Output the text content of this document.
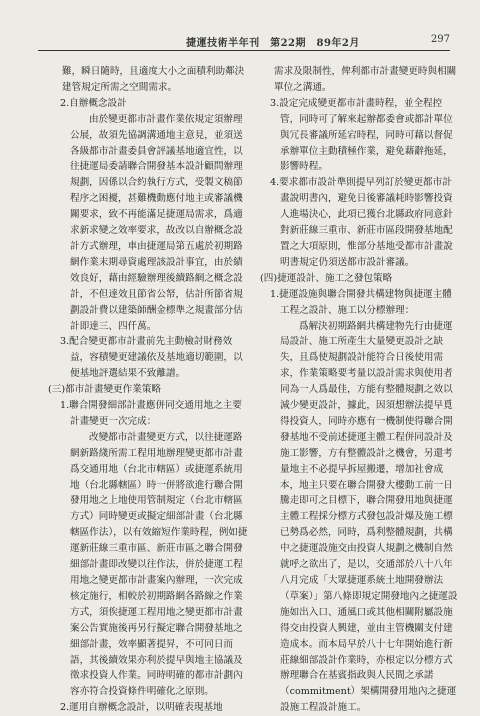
捷運技術半年刊　第22期　89年2月	297

難，瞬日隨時，且適度大小之面積利助鄰決建管規定所需之空間需求。

2.自辦概念設計

由於變更都市計畫作業依規定須辦理公展，故須先協調溝通地主意見，並須送各級都市計畫委員會評議基地適宜性，以往捷運局委請聯合開發基本設計顧問辦理規劃，因係以合約執行方式，受製文稿節程序之困擾，甚難機動應付地主或審議機關要求，致不再能滿足捷運局需求，爲適求新求變之效率要求，故改以自辦概念設計方式辦理，車由捷運局第五處於初期路網作業末期尋資處理該設計事宜，由於績效良好，藉由經驗辦理後續路網之概念設計，不但達效且節省公帑，估計所節省規劃設計費以建築師酬金標準之規畫部分估計即達三、四仟萬。

3.配合變更都市計畫前先主動檢討財務效益，容積變更建議依及基地適切範圍，以便基地評選結果不致離譜。

(三)都市計畫變更作業策略

1.聯合開發細部計畫應併同交通用地之主要計畫變更一次完成：

改變都市計畫變更方式，以往捷運路網新路綫所需工程用地辦理變更都市計畫爲交通用地（台北市轄區）或捷運系統用地（台北縣轄區）時一併將欲進行聯合開發用地之上地使用管制規定（台北市轄區方式）同時變更或擬定細部計畫（台北縣轄區作法），以有效縮短作業時程，例如捷運新莊線三重市區、新莊市區之聯合開發細部計畫即改變以往作法，併於捷運工程用地之變更都市計畫案內辦理，一次完成核定施行，相較於初期路網各路線之作業方式，須俟捷運工程用地之變更都市計畫案公告實施後再另行擬定聯合開發基地之細部計畫，效率顯著提昇，不可同日而語，其後續效果亦利於提早與地主協議及徵求投資人作業。同時明確的都市計劃內容亦符合投資條件明確化之原則。

2.運用自辦概念設計，以明確表現基地

需求及限制性，俾利都市計畫變更時與相關單位之溝通。

3.設定完成變更都市計畫時程，並全程控管，同時可了解來起辦都委會或都計單位與冗長審議所延宕時程，同時可藉以督促承辦單位主動積極作業，避免藉辭拖延，影響時程。

4.要求都市設計準則提早列訂於變更都市計畫說明書內，避免日後審議耗時影響投資人進場決心，此項已獲台北縣政府同意針對新莊線三重市、新莊市區段開發基地配置之大項原則，惟部分基地受都市計畫說明書規定仍須送都市設計審議。

(四)捷運設計、施工之發包策略

1.捷運設施與聯合開發共構建物與捷運主體工程之設計、施工以分標辦理：

爲解決初期路網共構建物先行由捷運局設計、施工所產生大量變更設計之缺失，且爲使規劃設計能符合日後使用需求，作業策略要考量以設計需求與使用者同為一人爲最佳，方能有整體規劃之效以減少變更設計，據此，因須想辦法提早覓得投資人，同時亦應有一機制使得聯合開發基地不受前述捷運主體工程併同設計及施工影響，方有整體設計之機會，另還考量地主不必提早拆屋搬遷，增加社會成本，地主只要在聯合開發大樓動工前一日騰走即可之目標下，聯合開發用地與捷運主體工程採分標方式發包設計爆及施工標已勢爲必然，同時，爲利整體規劃，共構中之捷運設施交由投資人規劃之機制自然就呼之欲出了，是以，交通部於八十八年八月完成「大眾捷運系統土地開發辦法（草案）」第八條即規定開發地內之捷運設施如出入口、通風口或其他相關附屬設施得交由投資人興建，並由主管機關支付建造成本。而本局早於八十七年開始進行新莊線細部設計作業時，亦根定以分標方式辦理聯合在基賓指政與人民間之承諾（commitment）架構開發用地內之捷運設施工程設計施工。
